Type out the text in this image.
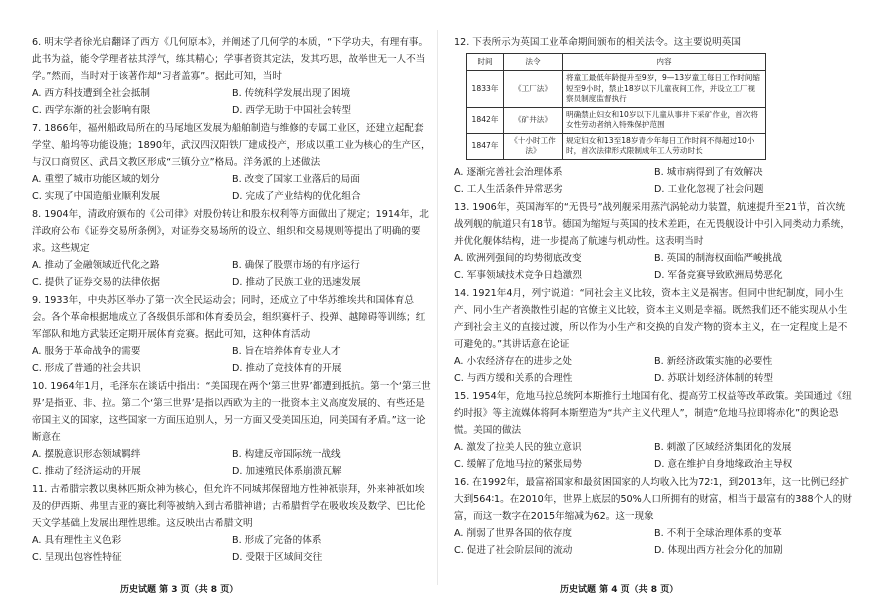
6. 明末学者徐光启翻译了西方《几何原本》，并阐述了几何学的本质，“下学功夫，有理有事。此书为益，能令学理者祛其浮气，练其精心；学事者资其定法，发其巧思，故举世无一人不当学。”然而，当时对于该著作却“习者盖寡”。据此可知，当时
A. 西方科技遭到全社会抵制	B. 传统科学发展出现了困境
C. 西学东渐的社会影响有限	D. 西学无助于中国社会转型
7. 1866年，福州船政局所在的马尾地区发展为船舶制造与维修的专属工业区，还建立起配套学堂、船坞等功能设施；1890年，武汉四汉阳铁厂建成投产，形成以重工业为核心的生产区，与汉口商贸区、武昌文教区形成“三镇分立”格局。洋务派的上述做法
A. 重塑了城市功能区域的划分	B. 改变了国家工业落后的局面
C. 实现了中国造船业顺利发展	D. 完成了产业结构的优化组合
8. 1904年，清政府颁布的《公司律》对股份转让和股东权利等方面做出了规定；1914年，北洋政府公布《证券交易所条例》，对证券交易场所的设立、组织和交易规则等提出了明确的要求。这些规定
A. 推动了金融领域近代化之路	B. 确保了股票市场的有序运行
C. 提供了证券交易的法律依据	D. 推动了民族工业的迅速发展
9. 1933年，中央苏区举办了第一次全民运动会；同时，还成立了中华苏维埃共和国体育总会。各个革命根据地成立了各级俱乐部和体育委员会，组织赛杆子、投弹、越障碍等训练；红军部队和地方武装还定期开展体育竞赛。据此可知，这种体育活动
A. 服务于革命战争的需要	B. 旨在培养体育专业人才
C. 形成了普通的社会共识	D. 推动了竞技体育的开展
10. 1964年1月，毛泽东在谈话中指出：“美国现在两个‘第三世界’都遭到抵抗。第一个‘第三世界’是指亚、非、拉。第二个‘第三世界’是指以西欧为主的一批资本主义高度发展的、有些还是帝国主义的国家，这些国家一方面压迫别人，另一方面又受美国压迫，同美国有矛盾。”这一论断意在
A. 摆脱意识形态领域羁绊	B. 构建反帝国际统一战线
C. 推动了经济运动的开展	D. 加速殖民体系崩溃瓦解
11. 古希腊宗教以奥林匹斯众神为核心，但允许不同城邦保留地方性神祇崇拜，外来神祇如埃及的伊西斯、弗里吉亚的赛比利等被纳入到古希腊神谱；古希腊哲学在吸收埃及数学、巴比伦天文学基础上发展出理性思维。这反映出古希腊文明
A. 具有理性主义色彩	B. 形成了完备的体系
C. 呈现出包容性特征	D. 受限于区域间交往
12. 下表所示为英国工业革命期间颁布的相关法令。这主要说明英国
时间	法令	内容
1833年	《工厂法》	将童工最低年龄提升至9岁，9—13岁童工每日工作时间缩短至9小时，禁止18岁以下儿童夜间工作，并设立工厂视察员制度监督执行
1842年	《矿井法》	明确禁止妇女和10岁以下儿童从事井下采矿作业，首次将女性劳动者纳入特殊保护范围
1847年	《十小时工作法》	规定妇女和13至18岁青少年每日工作时间不得超过10小时，首次法律形式限制成年工人劳动时长
A. 逐渐完善社会治理体系	B. 城市病得到了有效解决
C. 工人生活条件异常恶劣	D. 工业化忽视了社会问题
13. 1906年，英国海军的“无畏号”战列舰采用蒸汽涡轮动力装置，航速提升至21节，首次统战列舰的航道只有18节。德国为缩短与英国的技术差距，在无畏舰设计中引入同类动力系统，并优化舰体结构，进一步提高了航速与机动性。这表明当时
A. 欧洲列强间的均势彻底改变	B. 英国的制海权面临严峻挑战
C. 军事领域技术竞争日趋激烈	D. 军备竞赛导致欧洲局势恶化
14. 1921年4月，列宁说道：“同社会主义比较，资本主义是祸害。但同中世纪制度，同小生产、同小生产者涣散性引起的官僚主义比较，资本主义则是幸福。既然我们还不能实现从小生产到社会主义的直接过渡，所以作为小生产和交换的自发产物的资本主义，在一定程度上是不可避免的。”其讲话意在论证
A. 小农经济存在的进步之处	B. 新经济政策实施的必要性
C. 与西方缓和关系的合理性	D. 苏联计划经济体制的转型
15. 1954年，危地马拉总统阿本斯推行土地国有化、提高劳工权益等改革政策。美国通过《纽约时报》等主流媒体将阿本斯塑造为“共产主义代理人”，制造“危地马拉即将赤化”的舆论恐慌。美国的做法
A. 激发了拉美人民的独立意识	B. 刺激了区域经济集团化的发展
C. 缓解了危地马拉的紧张局势	D. 意在维护自身地缘政治主导权
16. 在1992年，最富裕国家和最贫困国家的人均收入比为72∶1，到2013年，这一比例已经扩大到564∶1。在2010年，世界上底层的50%人口所拥有的财富，相当于最富有的388个人的财富，而这一数字在2015年缩减为62。这一现象
A. 削弱了世界各国的依存度	B. 不利于全球治理体系的变革
C. 促进了社会阶层间的流动	D. 体现出西方社会分化的加剧
历史试题 第 3 页（共 8 页）	历史试题 第 4 页（共 8 页）
